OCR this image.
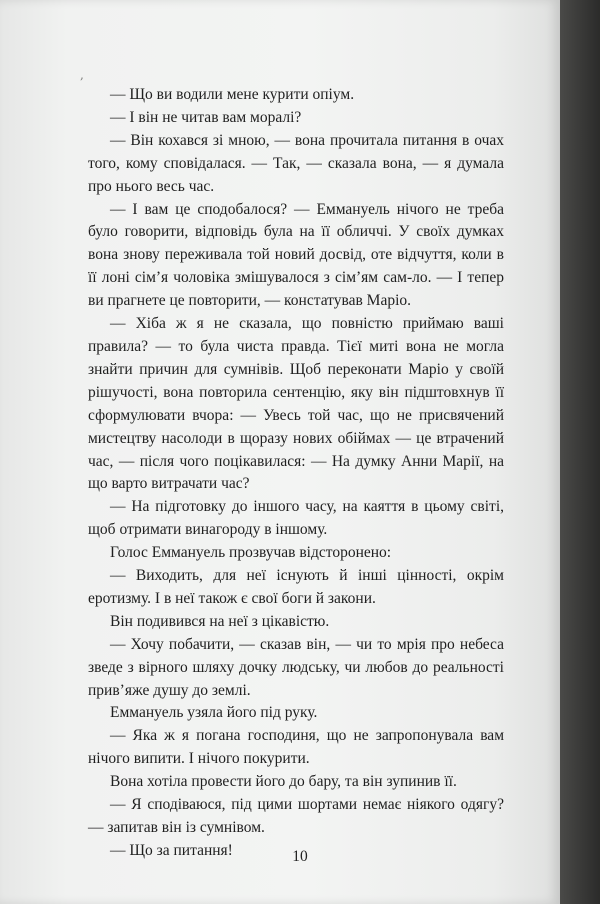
,
— Що ви водили мене курити опіум.
— І він не читав вам моралі?
— Він кохався зі мною, — вона прочитала питання в очах того, кому сповідалася. — Так, — сказала вона, — я думала про нього весь час.
— І вам це сподобалося? — Еммануель нічого не треба було говорити, відповідь була на її обличчі. У своїх думках вона знову переживала той новий досвід, оте відчуття, коли в її лоні сім’я чоловіка змішувалося з сім’ям сам-ло. — І тепер ви прагнете це повторити, — констатував Маріо.
— Хіба ж я не сказала, що повністю приймаю ваші правила? — то була чиста правда. Тієї миті вона не могла знайти причин для сумнівів. Щоб переконати Маріо у своїй рішучості, вона повторила сентенцію, яку він підштовхнув її сформулювати вчора: — Увесь той час, що не присвячений мистецтву насолоди в щоразу нових обіймах — це втрачений час, — після чого поцікавилася: — На думку Анни Марії, на що варто витрачати час?
— На підготовку до іншого часу, на каяття в цьому світі, щоб отримати винагороду в іншому.
Голос Еммануель прозвучав відсторонено:
— Виходить, для неї існують й інші цінності, окрім еротизму. І в неї також є свої боги й закони.
Він подивився на неї з цікавістю.
— Хочу побачити, — сказав він, — чи то мрія про небеса зведе з вірного шляху дочку людську, чи любов до реальності прив’яже душу до землі.
Еммануель узяла його під руку.
— Яка ж я погана господиня, що не запропонувала вам нічого випити. І нічого покурити.
Вона хотіла провести його до бару, та він зупинив її.
— Я сподіваюся, під цими шортами немає ніякого одягу? — запитав він із сумнівом.
— Що за питання!	10
